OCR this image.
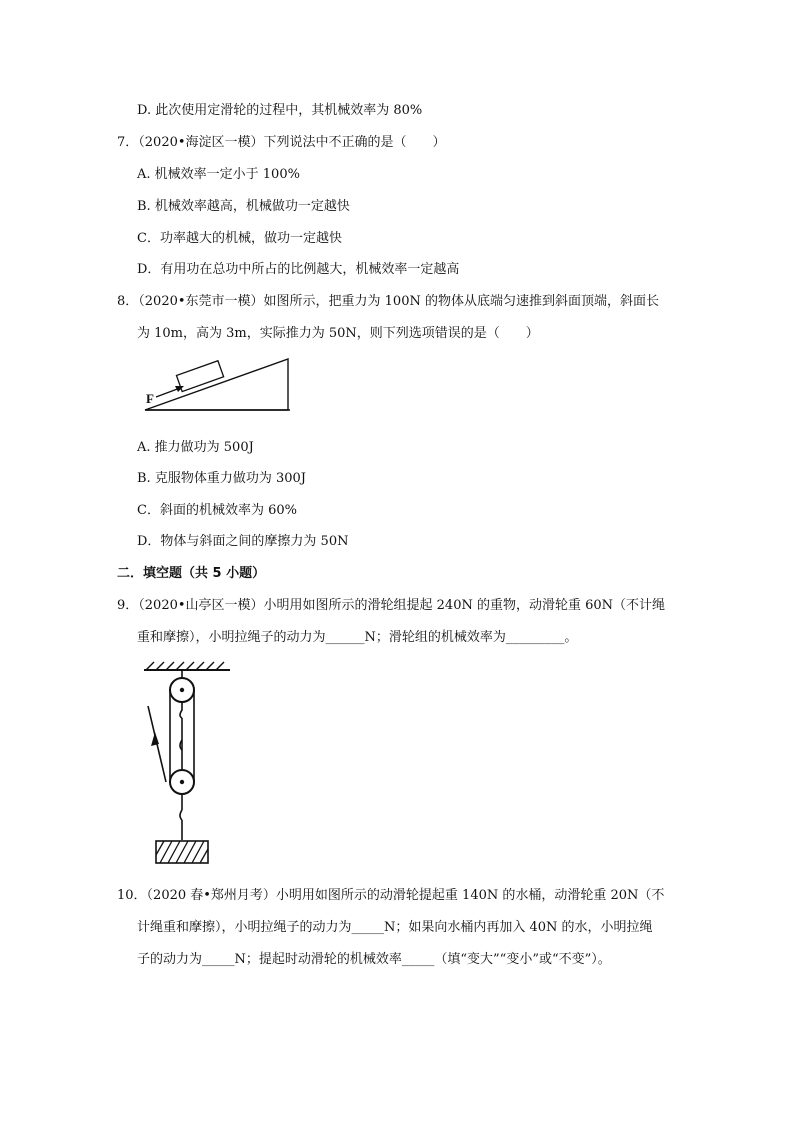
D. 此次使用定滑轮的过程中，其机械效率为 80%
7．（2020•海淀区一模）下列说法中不正确的是（　　）
A. 机械效率一定小于 100%
B. 机械效率越高，机械做功一定越快
C．功率越大的机械，做功一定越快
D．有用功在总功中所占的比例越大，机械效率一定越高
8．（2020•东莞市一模）如图所示，把重力为 100N 的物体从底端匀速推到斜面顶端，斜面长
为 10m，高为 3m，实际推力为 50N，则下列选项错误的是（　　）
F
A. 推力做功为 500J
B. 克服物体重力做功为 300J
C．斜面的机械效率为 60%
D．物体与斜面之间的摩擦力为 50N
二．填空题（共 5 小题）
9．（2020•山亭区一模）小明用如图所示的滑轮组提起 240N 的重物，动滑轮重 60N（不计绳
重和摩擦），小明拉绳子的动力为______N；滑轮组的机械效率为_________。
10．（2020 春•郑州月考）小明用如图所示的动滑轮提起重 140N 的水桶，动滑轮重 20N（不
计绳重和摩擦），小明拉绳子的动力为_____N；如果向水桶内再加入 40N 的水，小明拉绳
子的动力为_____N；提起时动滑轮的机械效率_____（填“变大”“变小”或“不变”）。
